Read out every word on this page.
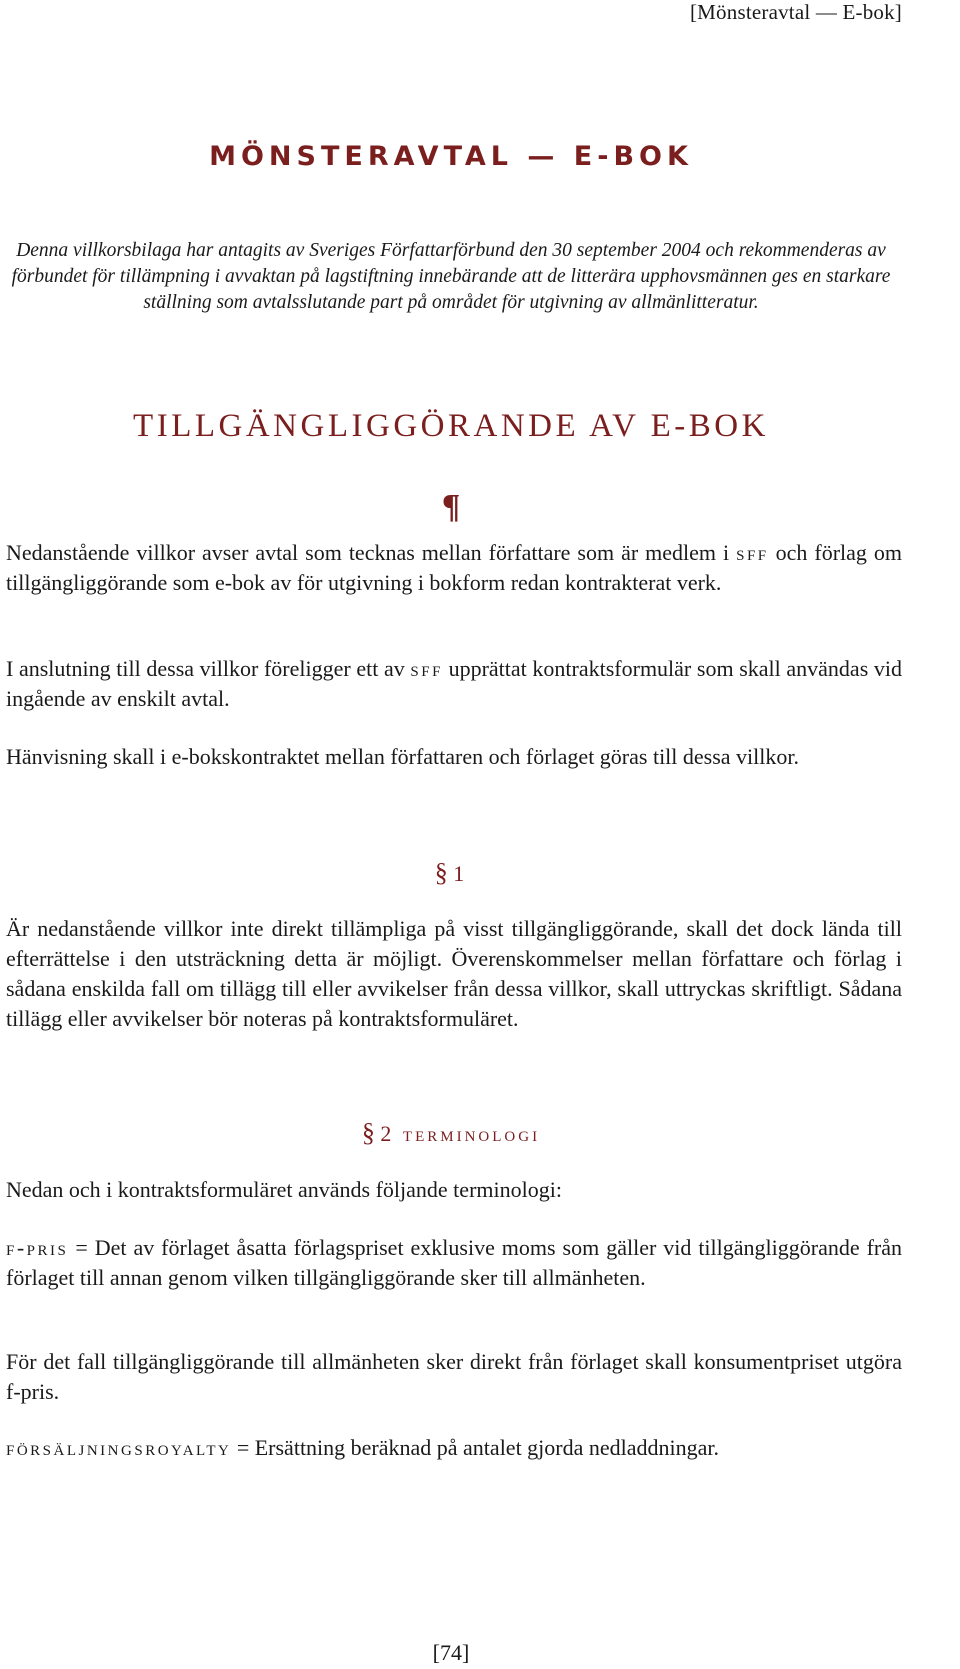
[Mönsteravtal — E-bok]
MÖNSTERAVTAL — E-BOK
Denna villkorsbilaga har antagits av Sveriges Författarförbund den 30 september 2004 och rekommenderas av förbundet för tillämpning i avvaktan på lagstiftning innebärande att de litterära upphovsmännen ges en starkare ställning som avtalsslutande part på området för utgivning av allmänlitteratur.
TILLGÄNGLIGGÖRANDE AV E-BOK
¶

Nedanstående villkor avser avtal som tecknas mellan författare som är medlem i sff och förlag om tillgängliggörande som e-bok av för utgivning i bokform redan kontrakterat verk.

I anslutning till dessa villkor föreligger ett av sff upprättat kontraktsformulär som skall användas vid ingående av enskilt avtal.

Hänvisning skall i e-bokskontraktet mellan författaren och förlaget göras till dessa villkor.

§ 1

Är nedanstående villkor inte direkt tillämpliga på visst tillgängliggörande, skall det dock lända till efterrättelse i den utsträckning detta är möjligt. Överenskommelser mellan författare och förlag i sådana enskilda fall om tillägg till eller avvikelser från dessa villkor, skall uttryckas skriftligt. Sådana tillägg eller avvikelser bör noteras på kontraktsformuläret.

§ 2 terminologi

Nedan och i kontraktsformuläret används följande terminologi:

f-pris = Det av förlaget åsatta förlagspriset exklusive moms som gäller vid tillgängliggörande från förlaget till annan genom vilken tillgängliggörande sker till allmänheten.

För det fall tillgängliggörande till allmänheten sker direkt från förlaget skall konsumentpriset utgöra f-pris.

försäljningsroyalty = Ersättning beräknad på antalet gjorda nedladdningar.

[74]
